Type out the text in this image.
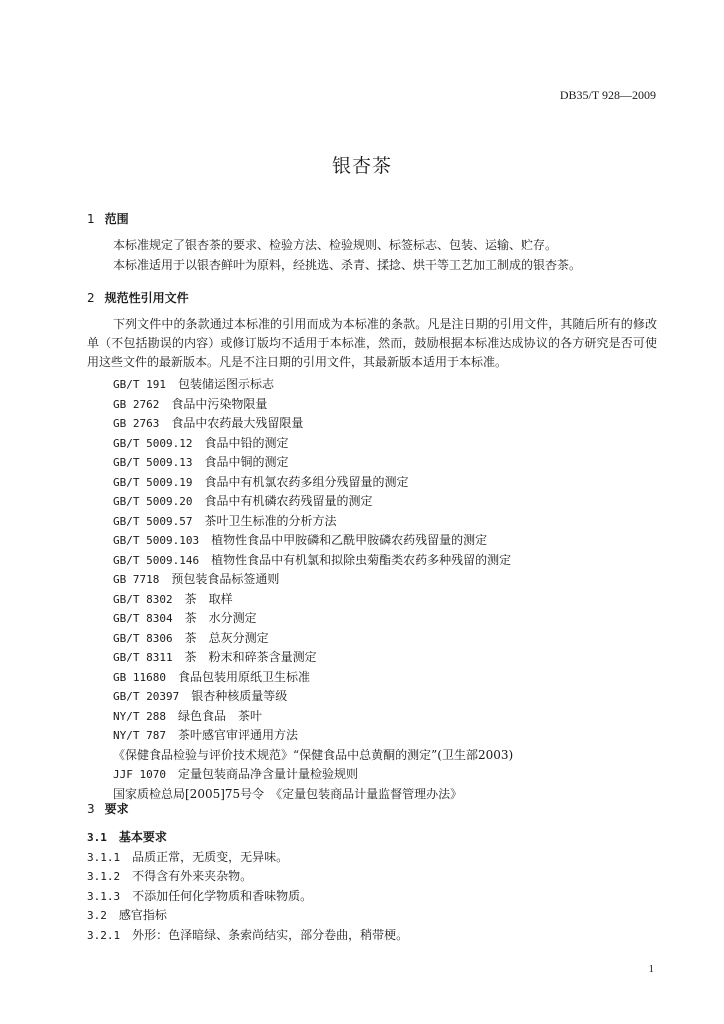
DB35/T 928—2009
银杏茶
1 范围
本标准规定了银杏茶的要求、检验方法、检验规则、标签标志、包装、运输、贮存。
本标准适用于以银杏鲜叶为原料，经挑选、杀青、揉捻、烘干等工艺加工制成的银杏茶。
2 规范性引用文件
下列文件中的条款通过本标准的引用而成为本标准的条款。凡是注日期的引用文件，其随后所有的修改单（不包括勘误的内容）或修订版均不适用于本标准，然而，鼓励根据本标准达成协议的各方研究是否可使用这些文件的最新版本。凡是不注日期的引用文件，其最新版本适用于本标准。
GB/T 191 包装储运图示标志
GB 2762 食品中污染物限量
GB 2763 食品中农药最大残留限量
GB/T 5009.12 食品中铅的测定
GB/T 5009.13 食品中铜的测定
GB/T 5009.19 食品中有机氯农药多组分残留量的测定
GB/T 5009.20 食品中有机磷农药残留量的测定
GB/T 5009.57 茶叶卫生标准的分析方法
GB/T 5009.103 植物性食品中甲胺磷和乙酰甲胺磷农药残留量的测定
GB/T 5009.146 植物性食品中有机氯和拟除虫菊酯类农药多种残留的测定
GB 7718 预包装食品标签通则
GB/T 8302 茶　取样
GB/T 8304 茶　水分测定
GB/T 8306 茶　总灰分测定
GB/T 8311 茶　粉末和碎茶含量测定
GB 11680 食品包装用原纸卫生标准
GB/T 20397 银杏种核质量等级
NY/T 288 绿色食品　茶叶
NY/T 787 茶叶感官审评通用方法
《保健食品检验与评价技术规范》“保健食品中总黄酮的测定”(卫生部2003)
JJF 1070 定量包装商品净含量计量检验规则
国家质检总局[2005]75号令　《定量包装商品计量监督管理办法》
3 要求
3.1 基本要求
3.1.1 品质正常，无质变，无异味。
3.1.2 不得含有外来夹杂物。
3.1.3 不添加任何化学物质和香味物质。
3.2 感官指标
3.2.1 外形：色泽暗绿、条索尚结实，部分卷曲，稍带梗。
1
